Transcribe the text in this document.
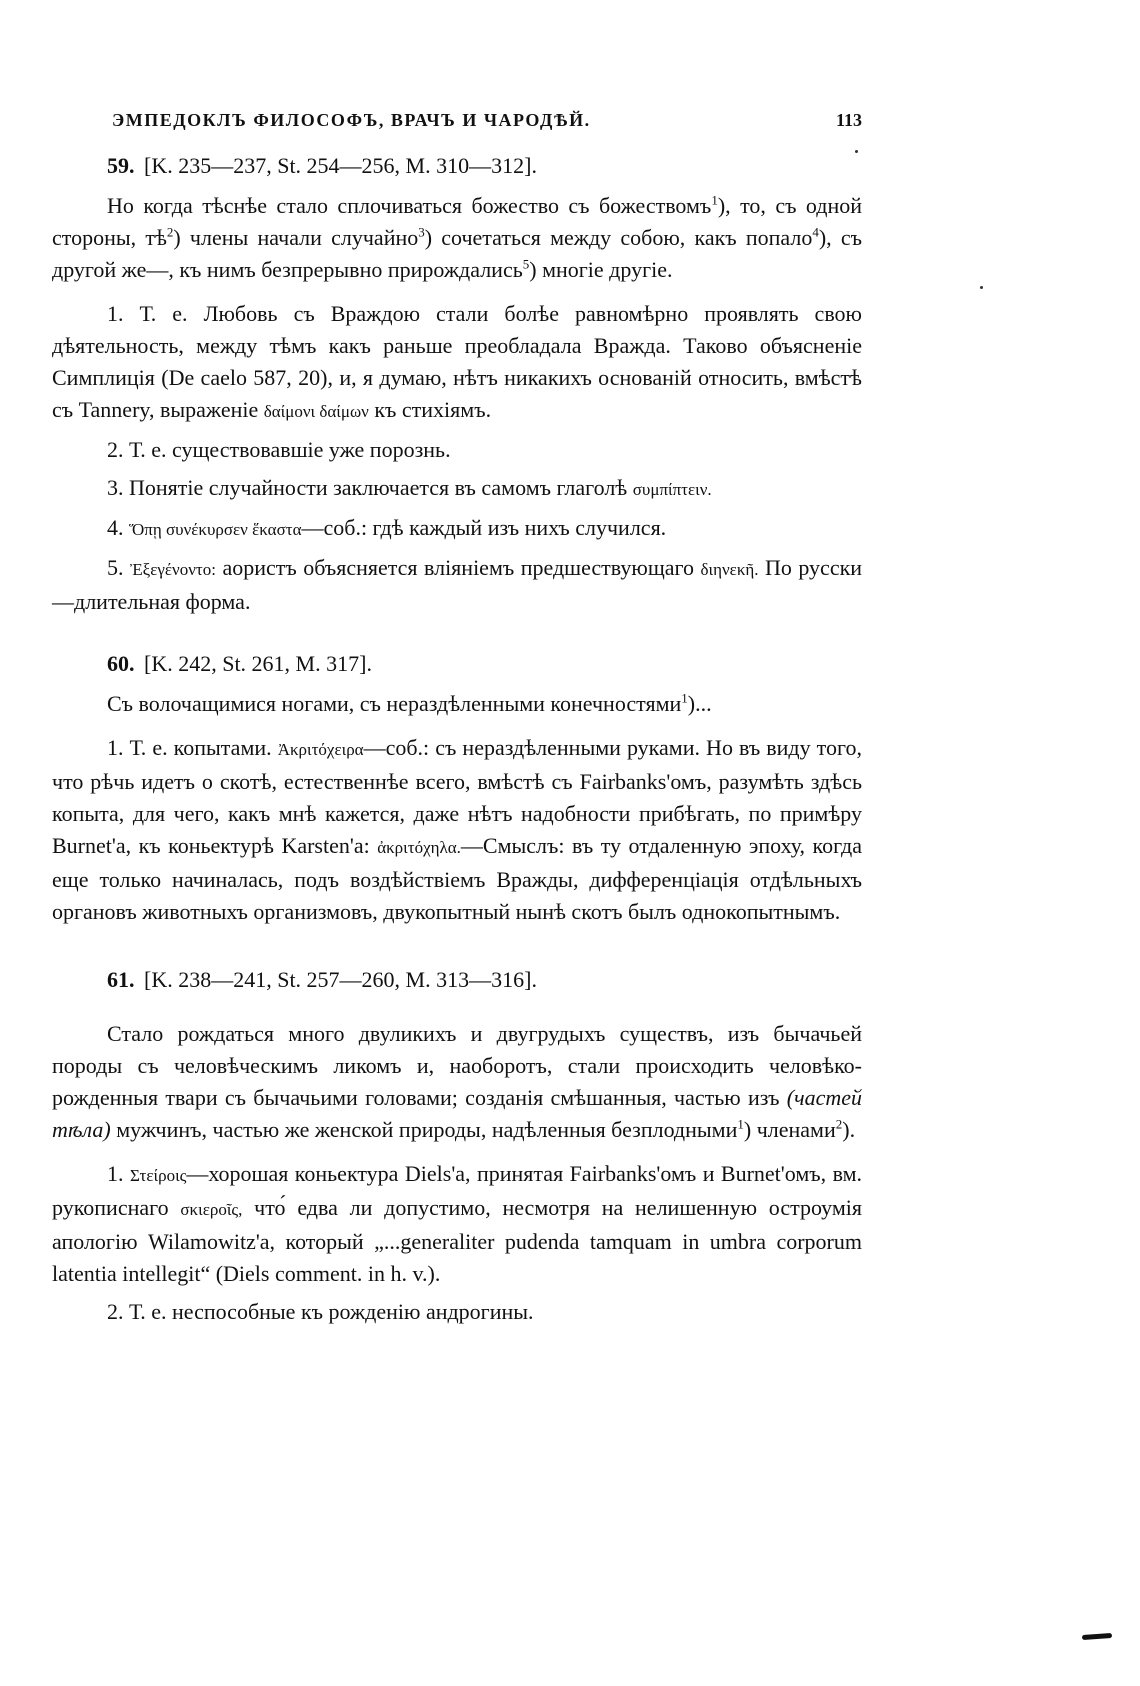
ЭМПЕДОКЛЪ ФИЛОСОФЪ, ВРАЧЪ И ЧАРОДѢЙ.	113
59. [K. 235—237, St. 254—256, M. 310—312].

Но когда тѣснѣе стало сплочиваться божество съ божествомъ$^1$), то, съ одной стороны, $тѣ^2$) члены начали случайно$^3$) сочетаться между собою, какъ попало$^4$), съ другой же—, къ нимъ безпрерывно прирождались$^5$) многіе другіе.

1. Т. е. Любовь съ Враждою стали болѣе равномѣрно проявлять свою дѣятельность, между тѣмъ какъ раньше преобладала Вражда. Таково объясненіе Симплиція (De caelo 587, 20), и, я думаю, нѣтъ никакихъ основаній относить, вмѣстѣ съ Tannery, выраженіе δαίμονι δαίμων къ стихіямъ.

2. Т. е. существовавшіе уже порознь.

3. Понятіе случайности заключается въ самомъ глаголѣ συμπίπτειν.

4. Ὅπῃ συνέκυρσεν ἕκαστα—соб.: гдѣ каждый изъ нихъ случился.

5. Ἐξεγένοντο: аористъ объясняется вліяніемъ предшествующаго διηνεκῆ. По русски—длительная форма.

60. [K. 242, St. 261, M. 317].

Съ волочащимися ногами, съ нераздѣленными конечностями$^1$)...

1. Т. е. копытами. Ἀκριτόχειρα—соб.: съ нераздѣленными руками. Но въ виду того, что рѣчь идетъ о скотѣ, естественнѣе всего, вмѣстѣ съ Fairbanks'омъ, разумѣть здѣсь копыта, для чего, какъ мнѣ кажется, даже нѣтъ надобности прибѣгать, по примѣру Burnet'a, къ коньектурѣ Karsten'a: ἀκριτόχηλα.—Смыслъ: въ ту отдаленную эпоху, когда еще только начиналась, подъ воздѣйствіемъ Вражды, дифференціація отдѣльныхъ органовъ животныхъ организмовъ, двукопытный нынѣ скотъ былъ однокопытнымъ.

61. [K. 238—241, St. 257—260, M. 313—316].

Стало рождаться много двуликихъ и двугрудыхъ существъ, изъ бычачьей породы съ человѣческимъ ликомъ и, наоборотъ, стали происходить человѣко-рожденныя твари съ бычачьими головами; созданія смѣшанныя, частью изъ (частей тѣла) мужчинъ, частью же женской природы, надѣленныя безплодными$^1$) членами$^2$).

1. Στείροις—хорошая коньектура Diels'a, принятая Fairbanks'омъ и Burnet'омъ, вм. рукописнаго σκιεροῖς, что́ едва ли допустимо, несмотря на нелишенную остроумія апологію Wilamowitz'a, который „...generaliter pudenda tamquam in umbra corporum latentia intellegit“ (Diels comment. in h. v.).

2. Т. е. неспособные къ рожденію андрогины.
